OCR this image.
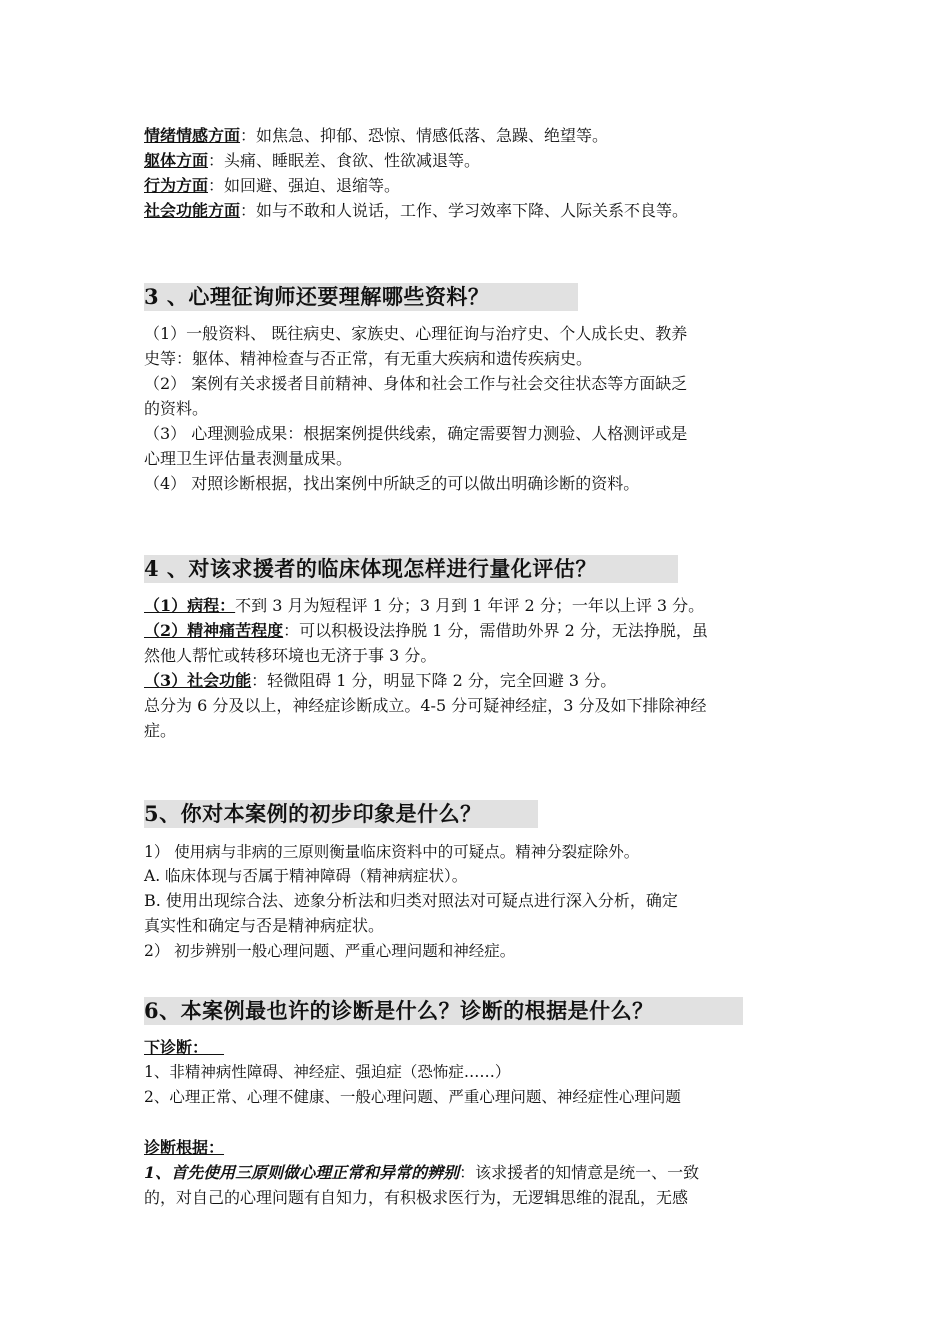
情绪情感方面：如焦急、抑郁、恐惊、情感低落、急躁、绝望等。
躯体方面：头痛、睡眠差、食欲、性欲减退等。
行为方面：如回避、强迫、退缩等。
社会功能方面：如与不敢和人说话，工作、学习效率下降、人际关系不良等。
3 、心理征询师还要理解哪些资料？
（1）一般资料、 既往病史、家族史、心理征询与治疗史、个人成长史、教养
史等：躯体、精神检查与否正常，有无重大疾病和遗传疾病史。
（2） 案例有关求援者目前精神、身体和社会工作与社会交往状态等方面缺乏
的资料。
（3） 心理测验成果：根据案例提供线索，确定需要智力测验、人格测评或是
心理卫生评估量表测量成果。
（4） 对照诊断根据，找出案例中所缺乏的可以做出明确诊断的资料。
4 、对该求援者的临床体现怎样进行量化评估？
（1）病程：不到 3 月为短程评 1 分；3 月到 1 年评 2 分；一年以上评 3 分。
（2）精神痛苦程度：可以积极设法挣脱 1 分，需借助外界 2 分，无法挣脱，虽
然他人帮忙或转移环境也无济于事 3 分。
（3）社会功能：轻微阻碍 1 分，明显下降 2 分，完全回避 3 分。
总分为 6 分及以上，神经症诊断成立。4-5 分可疑神经症，3 分及如下排除神经
症。
5、你对本案例的初步印象是什么？
1） 使用病与非病的三原则衡量临床资料中的可疑点。精神分裂症除外。
A. 临床体现与否属于精神障碍（精神病症状）。
B. 使用出现综合法、迹象分析法和归类对照法对可疑点进行深入分析，确定
真实性和确定与否是精神病症状。
2） 初步辨别一般心理问题、严重心理问题和神经症。
6、本案例最也许的诊断是什么？诊断的根据是什么？
下诊断： 
1、非精神病性障碍、神经症、强迫症（恐怖症……）
2、心理正常、心理不健康、一般心理问题、严重心理问题、神经症性心理问题
诊断根据：
1、首先使用三原则做心理正常和异常的辨别：该求援者的知情意是统一、一致
的，对自己的心理问题有自知力，有积极求医行为，无逻辑思维的混乱，无感
